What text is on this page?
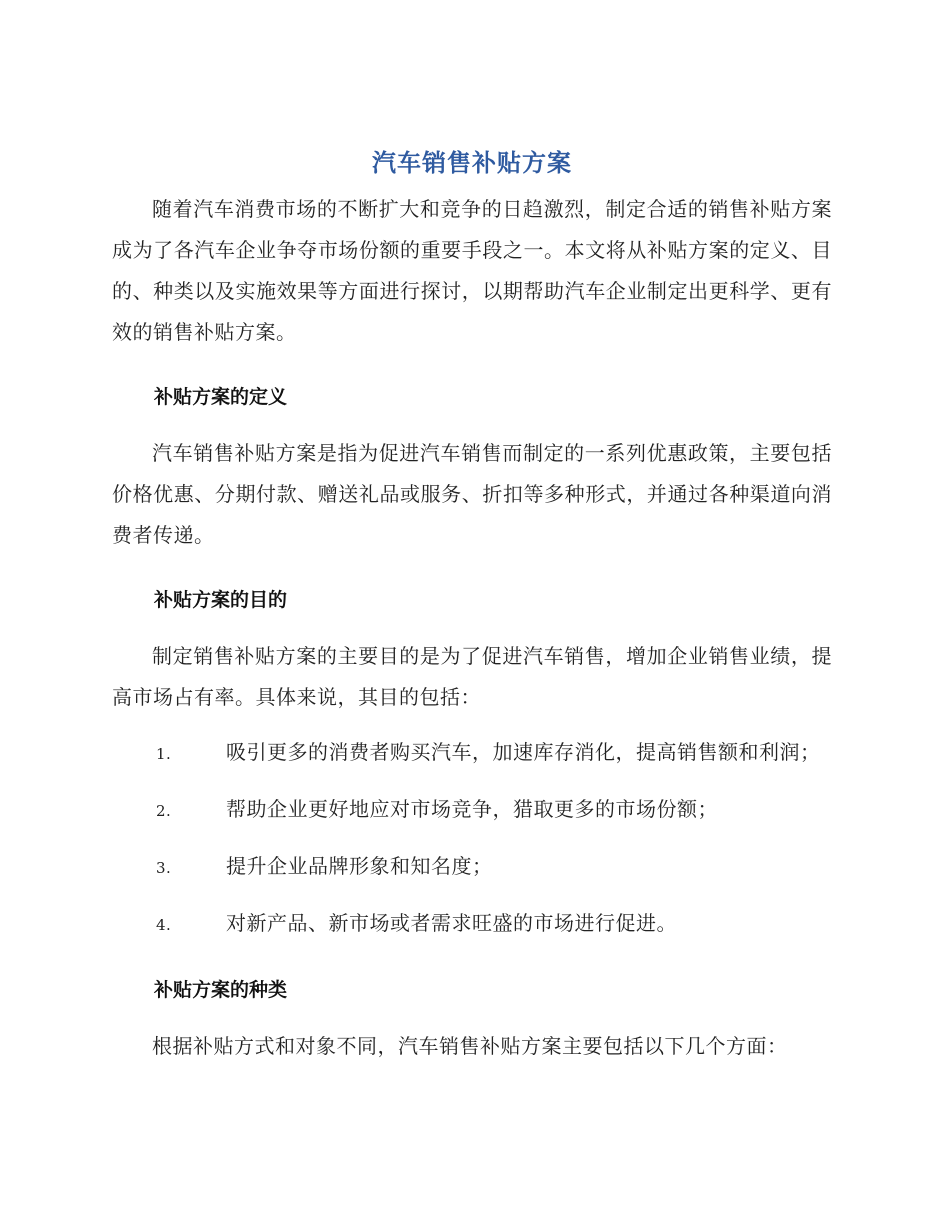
汽车销售补贴方案

随着汽车消费市场的不断扩大和竞争的日趋激烈，制定合适的销售补贴方案成为了各汽车企业争夺市场份额的重要手段之一。本文将从补贴方案的定义、目的、种类以及实施效果等方面进行探讨，以期帮助汽车企业制定出更科学、更有效的销售补贴方案。

补贴方案的定义

汽车销售补贴方案是指为促进汽车销售而制定的一系列优惠政策，主要包括价格优惠、分期付款、赠送礼品或服务、折扣等多种形式，并通过各种渠道向消费者传递。

补贴方案的目的

制定销售补贴方案的主要目的是为了促进汽车销售，增加企业销售业绩，提高市场占有率。具体来说，其目的包括：

1.	吸引更多的消费者购买汽车，加速库存消化，提高销售额和利润；
2.	帮助企业更好地应对市场竞争，猎取更多的市场份额；
3.	提升企业品牌形象和知名度；
4.	对新产品、新市场或者需求旺盛的市场进行促进。
补贴方案的种类

根据补贴方式和对象不同，汽车销售补贴方案主要包括以下几个方面：
